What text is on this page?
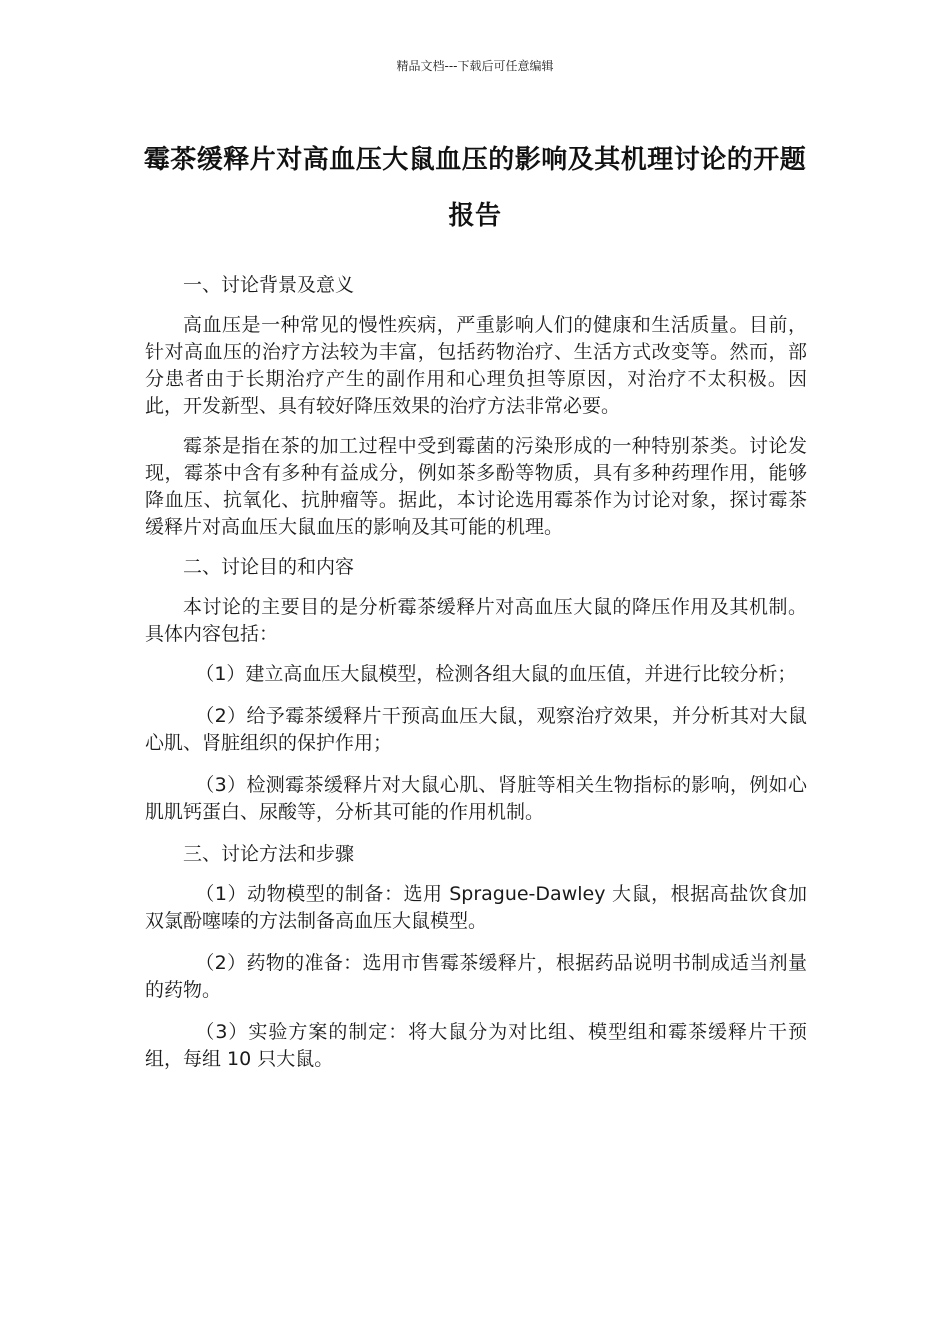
精品文档---下载后可任意编辑
霉茶缓释片对高血压大鼠血压的影响及其机理讨论的开题报告

一、讨论背景及意义

高血压是一种常见的慢性疾病，严重影响人们的健康和生活质量。目前，针对高血压的治疗方法较为丰富，包括药物治疗、生活方式改变等。然而，部分患者由于长期治疗产生的副作用和心理负担等原因，对治疗不太积极。因此，开发新型、具有较好降压效果的治疗方法非常必要。

霉茶是指在茶的加工过程中受到霉菌的污染形成的一种特别茶类。讨论发现，霉茶中含有多种有益成分，例如茶多酚等物质，具有多种药理作用，能够降血压、抗氧化、抗肿瘤等。据此，本讨论选用霉茶作为讨论对象，探讨霉茶缓释片对高血压大鼠血压的影响及其可能的机理。

二、讨论目的和内容

本讨论的主要目的是分析霉茶缓释片对高血压大鼠的降压作用及其机制。具体内容包括：

（1）建立高血压大鼠模型，检测各组大鼠的血压值，并进行比较分析；

（2）给予霉茶缓释片干预高血压大鼠，观察治疗效果，并分析其对大鼠心肌、肾脏组织的保护作用；

（3）检测霉茶缓释片对大鼠心肌、肾脏等相关生物指标的影响，例如心肌肌钙蛋白、尿酸等，分析其可能的作用机制。

三、讨论方法和步骤

（1）动物模型的制备：选用 Sprague-Dawley 大鼠，根据高盐饮食加双氯酚噻嗪的方法制备高血压大鼠模型。

（2）药物的准备：选用市售霉茶缓释片，根据药品说明书制成适当剂量的药物。

（3）实验方案的制定：将大鼠分为对比组、模型组和霉茶缓释片干预组，每组 10 只大鼠。
